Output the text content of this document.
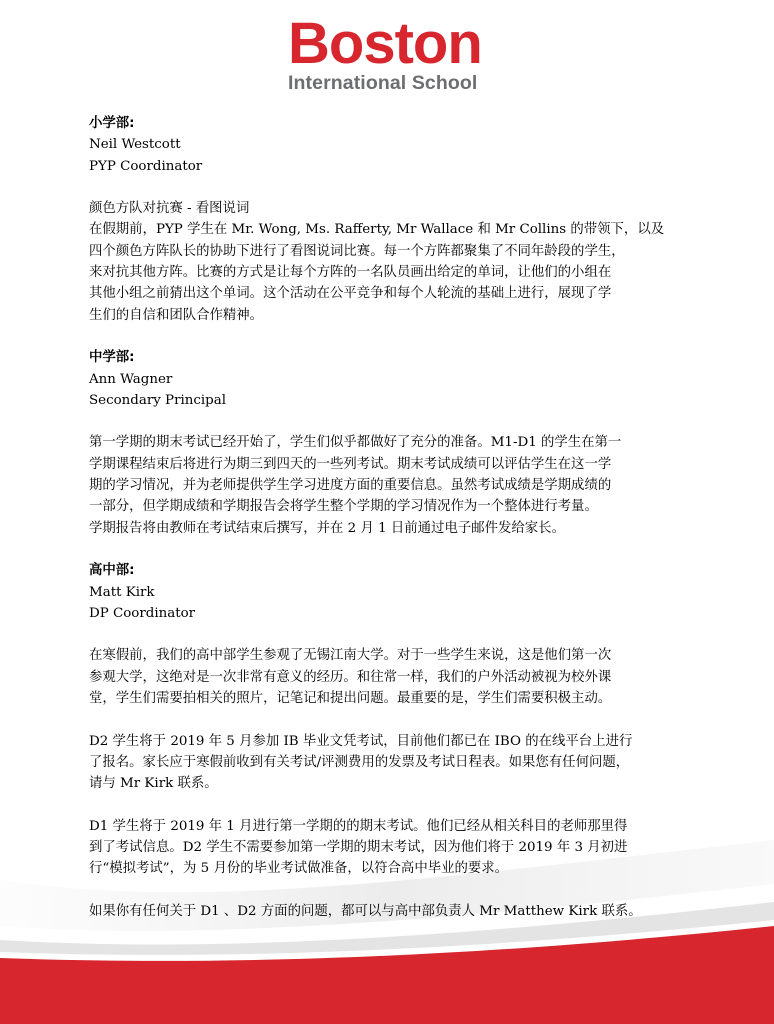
Boston
International School
小学部:
Neil Westcott
PYP Coordinator
颜色方队对抗赛 - 看图说词
在假期前，PYP 学生在 Mr. Wong, Ms. Rafferty, Mr Wallace 和 Mr Collins 的带领下，以及
四个颜色方阵队长的协助下进行了看图说词比赛。每一个方阵都聚集了不同年龄段的学生，
来对抗其他方阵。比赛的方式是让每个方阵的一名队员画出给定的单词，让他们的小组在
其他小组之前猜出这个单词。这个活动在公平竞争和每个人轮流的基础上进行，展现了学
生们的自信和团队合作精神。
中学部:
Ann Wagner
Secondary Principal
第一学期的期末考试已经开始了，学生们似乎都做好了充分的准备。M1-D1 的学生在第一
学期课程结束后将进行为期三到四天的一些列考试。期末考试成绩可以评估学生在这一学
期的学习情况，并为老师提供学生学习进度方面的重要信息。虽然考试成绩是学期成绩的
一部分，但学期成绩和学期报告会将学生整个学期的学习情况作为一个整体进行考量。
学期报告将由教师在考试结束后撰写，并在 2 月 1 日前通过电子邮件发给家长。
高中部:
Matt Kirk
DP Coordinator
在寒假前，我们的高中部学生参观了无锡江南大学。对于一些学生来说，这是他们第一次
参观大学，这绝对是一次非常有意义的经历。和往常一样，我们的户外活动被视为校外课
堂，学生们需要拍相关的照片，记笔记和提出问题。最重要的是，学生们需要积极主动。
D2 学生将于 2019 年 5 月参加 IB 毕业文凭考试，目前他们都已在 IBO 的在线平台上进行
了报名。家长应于寒假前收到有关考试/评测费用的发票及考试日程表。如果您有任何问题，
请与 Mr Kirk 联系。
D1 学生将于 2019 年 1 月进行第一学期的的期末考试。他们已经从相关科目的老师那里得
到了考试信息。D2 学生不需要参加第一学期的期末考试，因为他们将于 2019 年 3 月初进
行“模拟考试”，为 5 月份的毕业考试做准备，以符合高中毕业的要求。
如果你有任何关于 D1 、D2 方面的问题，都可以与高中部负责人 Mr Matthew Kirk 联系。
